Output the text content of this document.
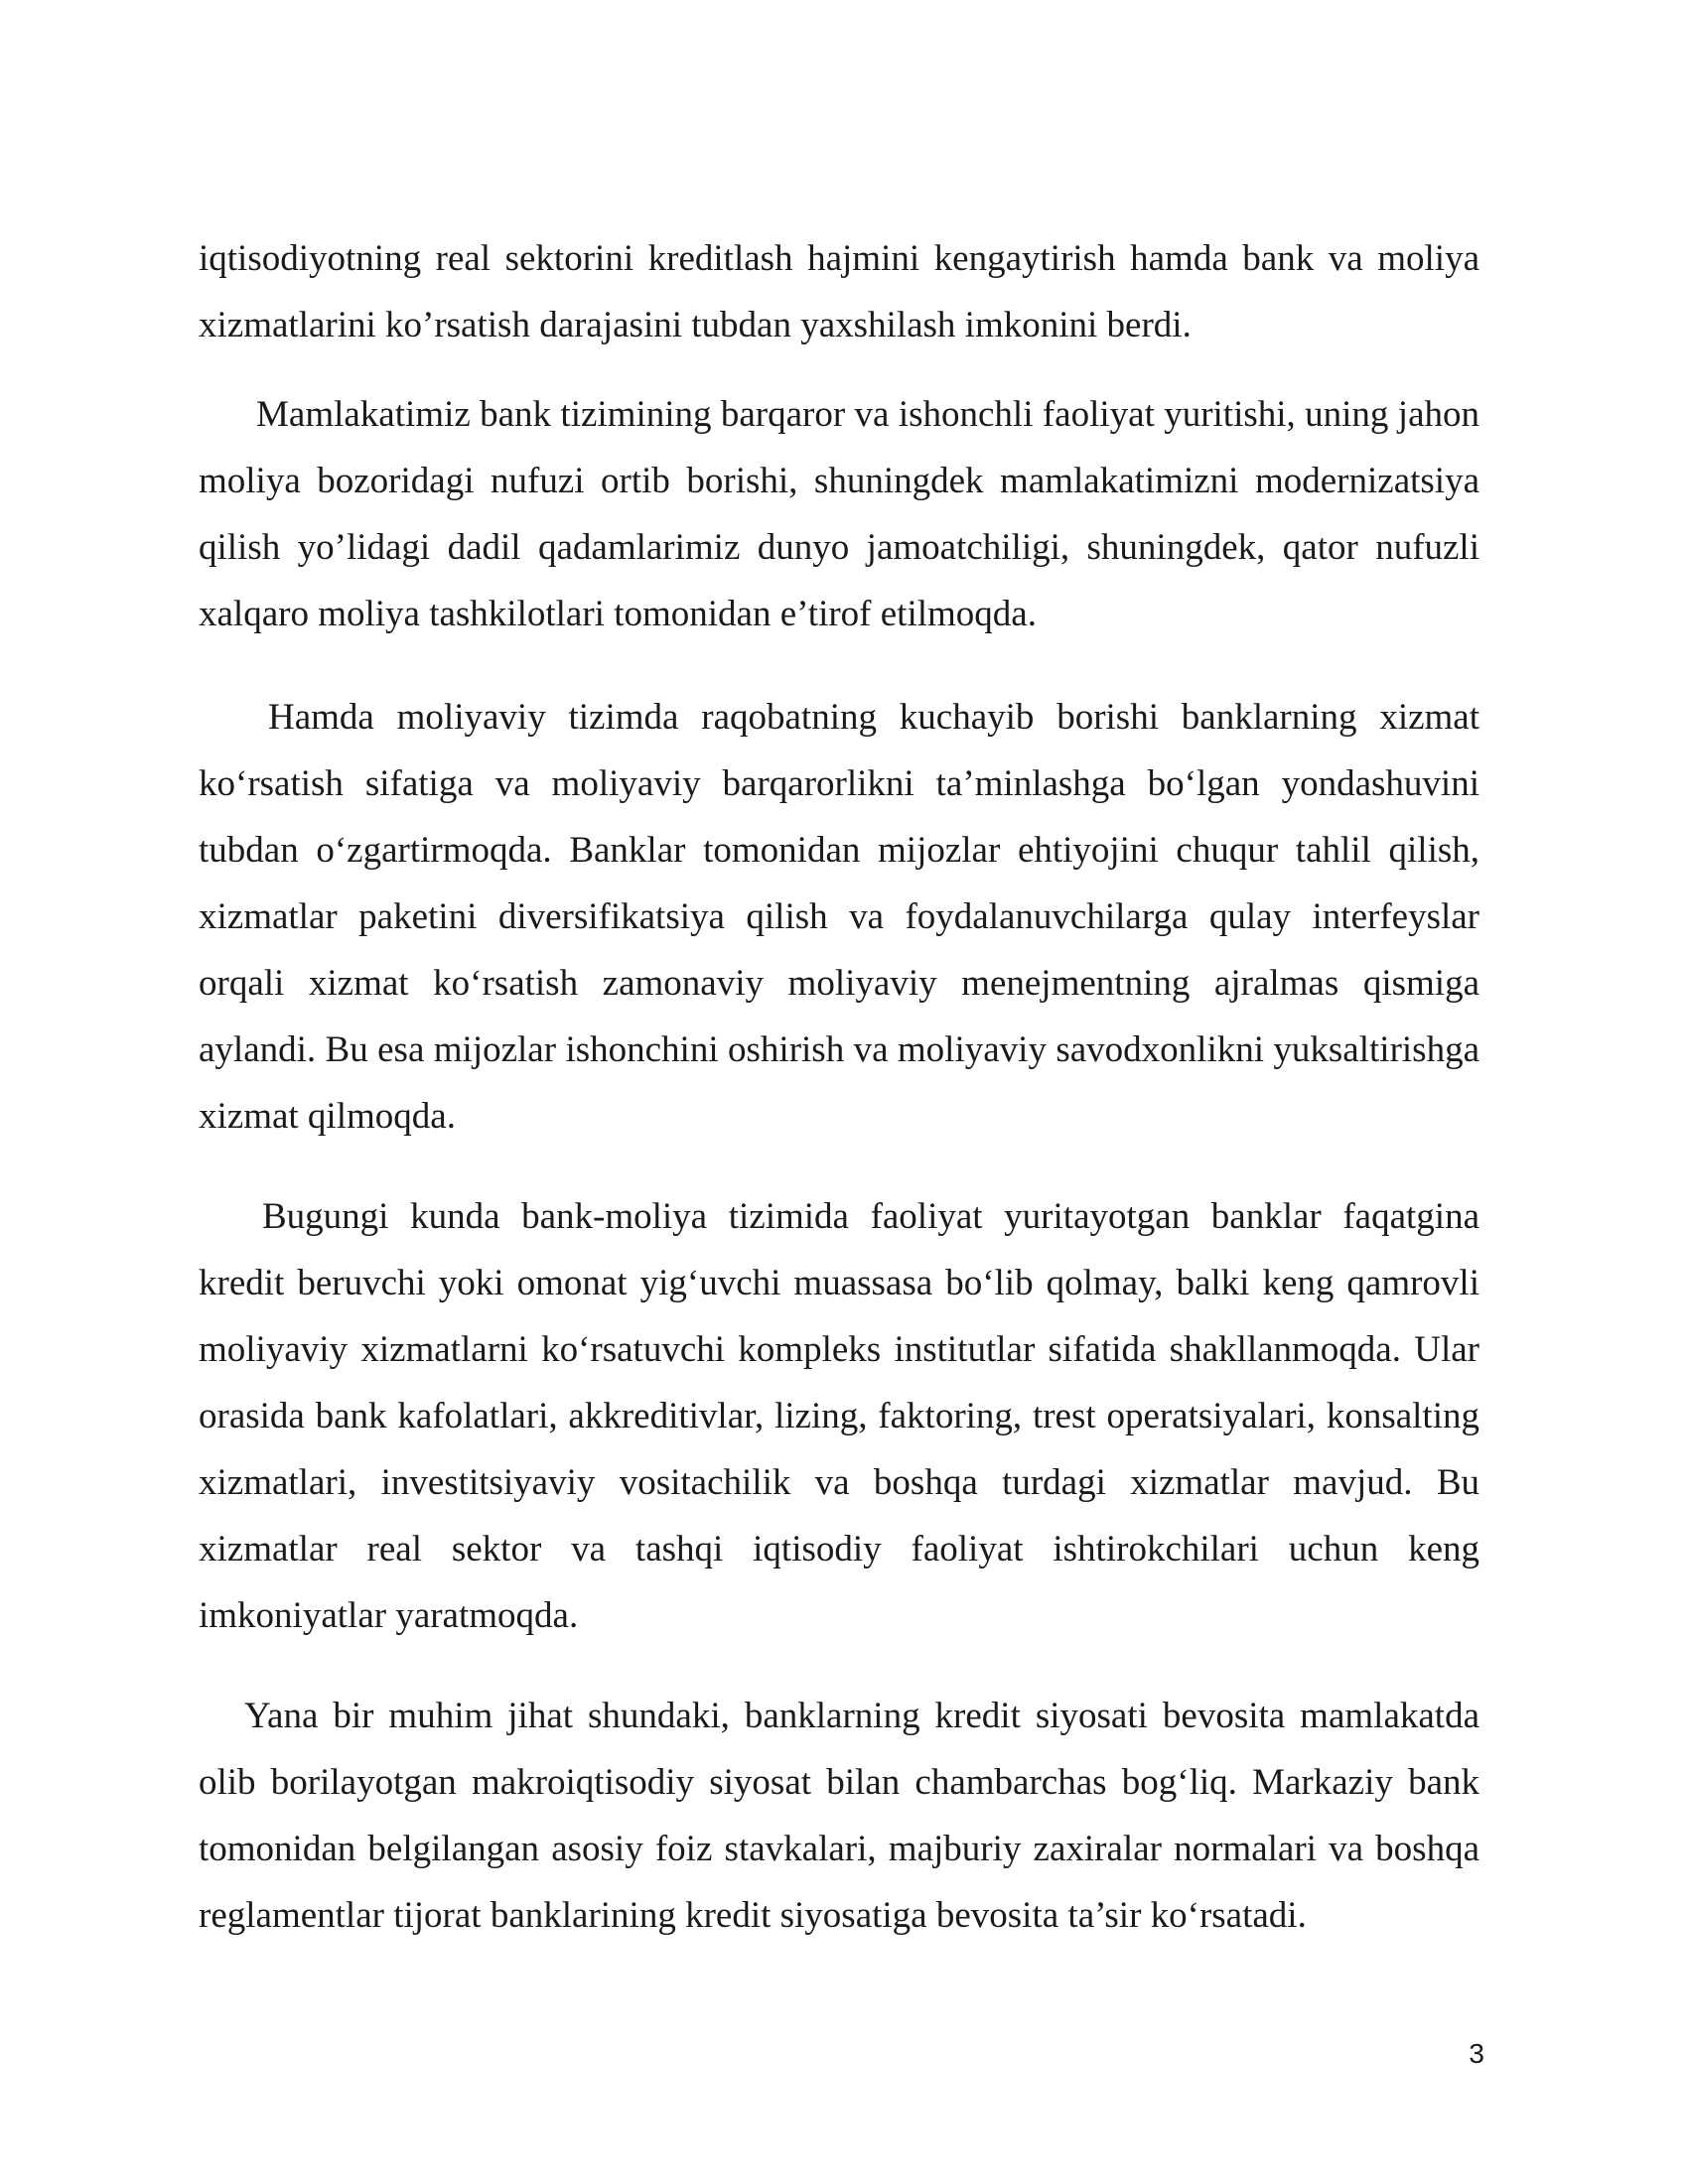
iqtisodiyotning real sektorini kreditlash hajmini kengaytirish hamda bank va moliya xizmatlarini ko’rsatish darajasini tubdan yaxshilash imkonini berdi.

Mamlakatimiz bank tizimining barqaror va ishonchli faoliyat yuritishi, uning jahon moliya bozoridagi nufuzi ortib borishi, shuningdek mamlakatimizni modernizatsiya qilish yo’lidagi dadil qadamlarimiz dunyo jamoatchiligi, shuningdek, qator nufuzli xalqaro moliya tashkilotlari tomonidan e’tirof etilmoqda.

Hamda moliyaviy tizimda raqobatning kuchayib borishi banklarning xizmat ko‘rsatish sifatiga va moliyaviy barqarorlikni ta’minlashga bo‘lgan yondashuvini tubdan o‘zgartirmoqda. Banklar tomonidan mijozlar ehtiyojini chuqur tahlil qilish, xizmatlar paketini diversifikatsiya qilish va foydalanuvchilarga qulay interfeyslar orqali xizmat ko‘rsatish zamonaviy moliyaviy menejmentning ajralmas qismiga aylandi. Bu esa mijozlar ishonchini oshirish va moliyaviy savodxonlikni yuksaltirishga xizmat qilmoqda.

Bugungi kunda bank-moliya tizimida faoliyat yuritayotgan banklar faqatgina kredit beruvchi yoki omonat yig‘uvchi muassasa bo‘lib qolmay, balki keng qamrovli moliyaviy xizmatlarni ko‘rsatuvchi kompleks institutlar sifatida shakllanmoqda. Ular orasida bank kafolatlari, akkreditivlar, lizing, faktoring, trest operatsiyalari, konsalting xizmatlari, investitsiyaviy vositachilik va boshqa turdagi xizmatlar mavjud. Bu xizmatlar real sektor va tashqi iqtisodiy faoliyat ishtirokchilari uchun keng imkoniyatlar yaratmoqda.

Yana bir muhim jihat shundaki, banklarning kredit siyosati bevosita mamlakatda olib borilayotgan makroiqtisodiy siyosat bilan chambarchas bog‘liq. Markaziy bank tomonidan belgilangan asosiy foiz stavkalari, majburiy zaxiralar normalari va boshqa reglamentlar tijorat banklarining kredit siyosatiga bevosita ta’sir ko‘rsatadi.

3
